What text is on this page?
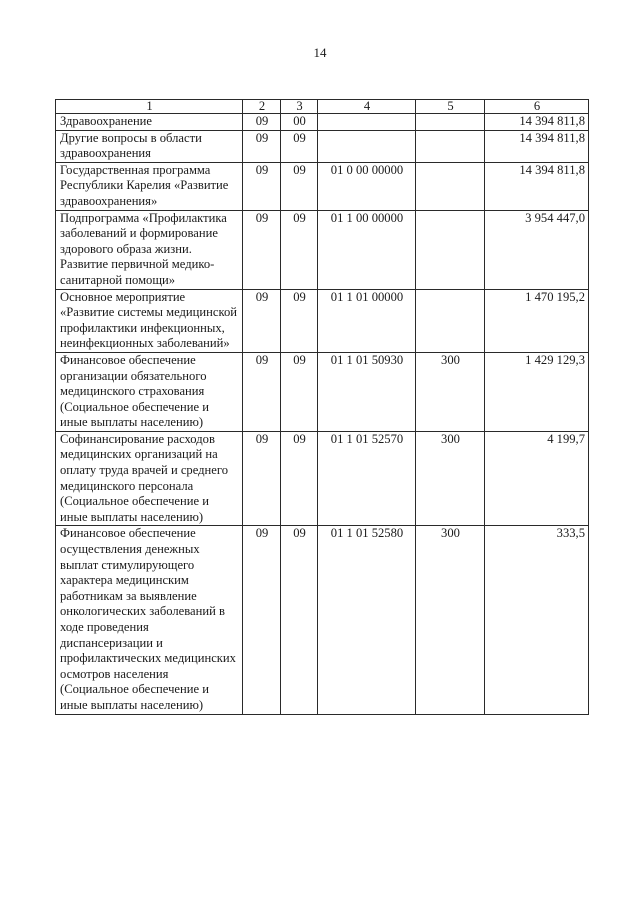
14
1	2	3	4	5	6
Здравоохранение	09	00			14 394 811,8
Другие вопросы в области здравоохранения	09	09			14 394 811,8
Государственная программа Республики Карелия «Развитие здравоохранения»	09	09	01 0 00 00000		14 394 811,8
Подпрограмма «Профилактика заболеваний и формирование здорового образа жизни. Развитие первичной медико-санитарной помощи»	09	09	01 1 00 00000		3 954 447,0
Основное мероприятие «Развитие системы медицинской профилактики инфекционных, неинфекционных заболеваний»	09	09	01 1 01 00000		1 470 195,2
Финансовое обеспечение организации обязательного медицинского страхования (Социальное обеспечение и иные выплаты населению)	09	09	01 1 01 50930	300	1 429 129,3
Софинансирование расходов медицинских организаций на оплату труда врачей и среднего медицинского персонала (Социальное обеспечение и иные выплаты населению)	09	09	01 1 01 52570	300	4 199,7
Финансовое обеспечение осуществления денежных выплат стимулирующего характера медицинским работникам за выявление онкологических заболеваний в ходе проведения диспансеризации и профилактических медицинских осмотров населения (Социальное обеспечение и иные выплаты населению)	09	09	01 1 01 52580	300	333,5
